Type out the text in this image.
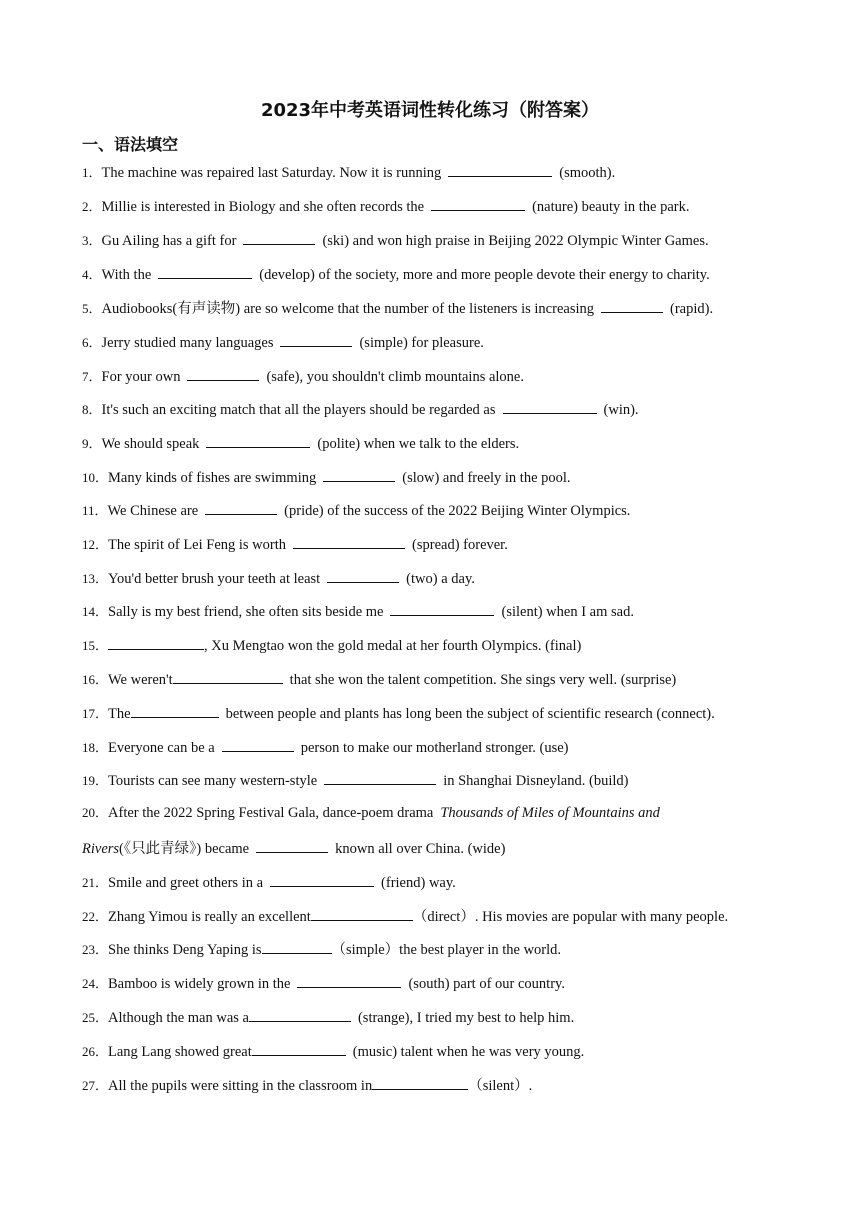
2023年中考英语词性转化练习（附答案）
一、语法填空
1．The machine was repaired last Saturday. Now it is running	(smooth).
2．Millie is interested in Biology and she often records the	(nature) beauty in the park.
3．Gu Ailing has a gift for	(ski) and won high praise in Beijing 2022 Olympic Winter Games.
4．With the	(develop) of the society, more and more people devote their energy to charity.
5．Audiobooks(有声读物) are so welcome that the number of the listeners is increasing	(rapid).
6．Jerry studied many languages	(simple) for pleasure.
7．For your own	(safe), you shouldn't climb mountains alone.
8．It's such an exciting match that all the players should be regarded as	(win).
9．We should speak	(polite) when we talk to the elders.
10．Many kinds of fishes are swimming	(slow) and freely in the pool.
11．We Chinese are	(pride) of the success of the 2022 Beijing Winter Olympics.
12．The spirit of Lei Feng is worth	(spread) forever.
13．You'd better brush your teeth at least	(two) a day.
14．Sally is my best friend, she often sits beside me	(silent) when I am sad.
15．	, Xu Mengtao won the gold medal at her fourth Olympics. (final)
16．We weren't	that she won the talent competition. She sings very well. (surprise)
17．The	between people and plants has long been the subject of scientific research (connect).
18．Everyone can be a	person to make our motherland stronger. (use)
19．Tourists can see many western-style	in Shanghai Disneyland. (build)
20．After the 2022 Spring Festival Gala, dance-poem drama Thousands of Miles of Mountains and
Rivers(《只此青绿》) became	known all over China. (wide)
21．Smile and greet others in a	(friend) way.
22．Zhang Yimou is really an excellent	（direct）. His movies are popular with many people.
23．She thinks Deng Yaping is	（simple）the best player in the world.
24．Bamboo is widely grown in the	(south) part of our country.
25．Although the man was a	(strange), I tried my best to help him.
26．Lang Lang showed great	(music) talent when he was very young.
27．All the pupils were sitting in the classroom in	（silent）.
